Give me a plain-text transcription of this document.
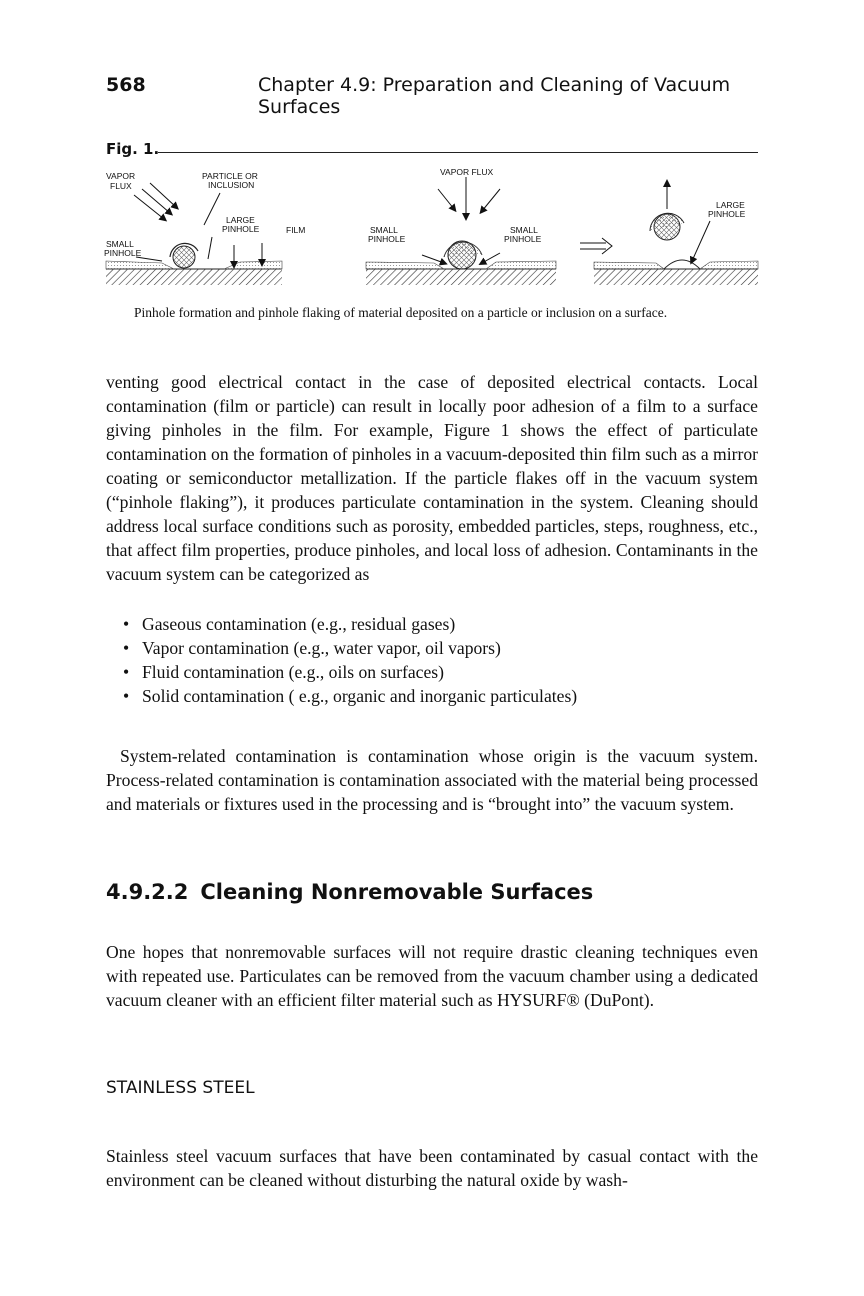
568	Chapter 4.9: Preparation and Cleaning of Vacuum Surfaces
Fig. 1.
VAPOR
FLUX
PARTICLE OR
INCLUSION
LARGE
PINHOLE
SMALL
PINHOLE
FILM
VAPOR FLUX
SMALL
PINHOLE
SMALL
PINHOLE
LARGE
PINHOLE
Pinhole formation and pinhole flaking of material deposited on a particle or inclusion on a surface.

venting good electrical contact in the case of deposited electrical contacts. Local contamination (film or particle) can result in locally poor adhesion of a film to a surface giving pinholes in the film. For example, Figure 1 shows the effect of particulate contamination on the formation of pinholes in a vacuum-deposited thin film such as a mirror coating or semiconductor metallization. If the particle flakes off in the vacuum system (“pinhole flaking”), it produces particulate contamination in the system. Cleaning should address local surface conditions such as porosity, embedded particles, steps, roughness, etc., that affect film properties, produce pinholes, and local loss of adhesion. Contaminants in the vacuum system can be categorized as

• Gaseous contamination (e.g., residual gases)
• Vapor contamination (e.g., water vapor, oil vapors)
• Fluid contamination (e.g., oils on surfaces)
• Solid contamination ( e.g., organic and inorganic particulates)

System-related contamination is contamination whose origin is the vacuum system. Process-related contamination is contamination associated with the material being processed and materials or fixtures used in the processing and is “brought into” the vacuum system.

4.9.2.2 Cleaning Nonremovable Surfaces

One hopes that nonremovable surfaces will not require drastic cleaning techniques even with repeated use. Particulates can be removed from the vacuum chamber using a dedicated vacuum cleaner with an efficient filter material such as HYSURF® (DuPont).

STAINLESS STEEL

Stainless steel vacuum surfaces that have been contaminated by casual contact with the environment can be cleaned without disturbing the natural oxide by wash-
